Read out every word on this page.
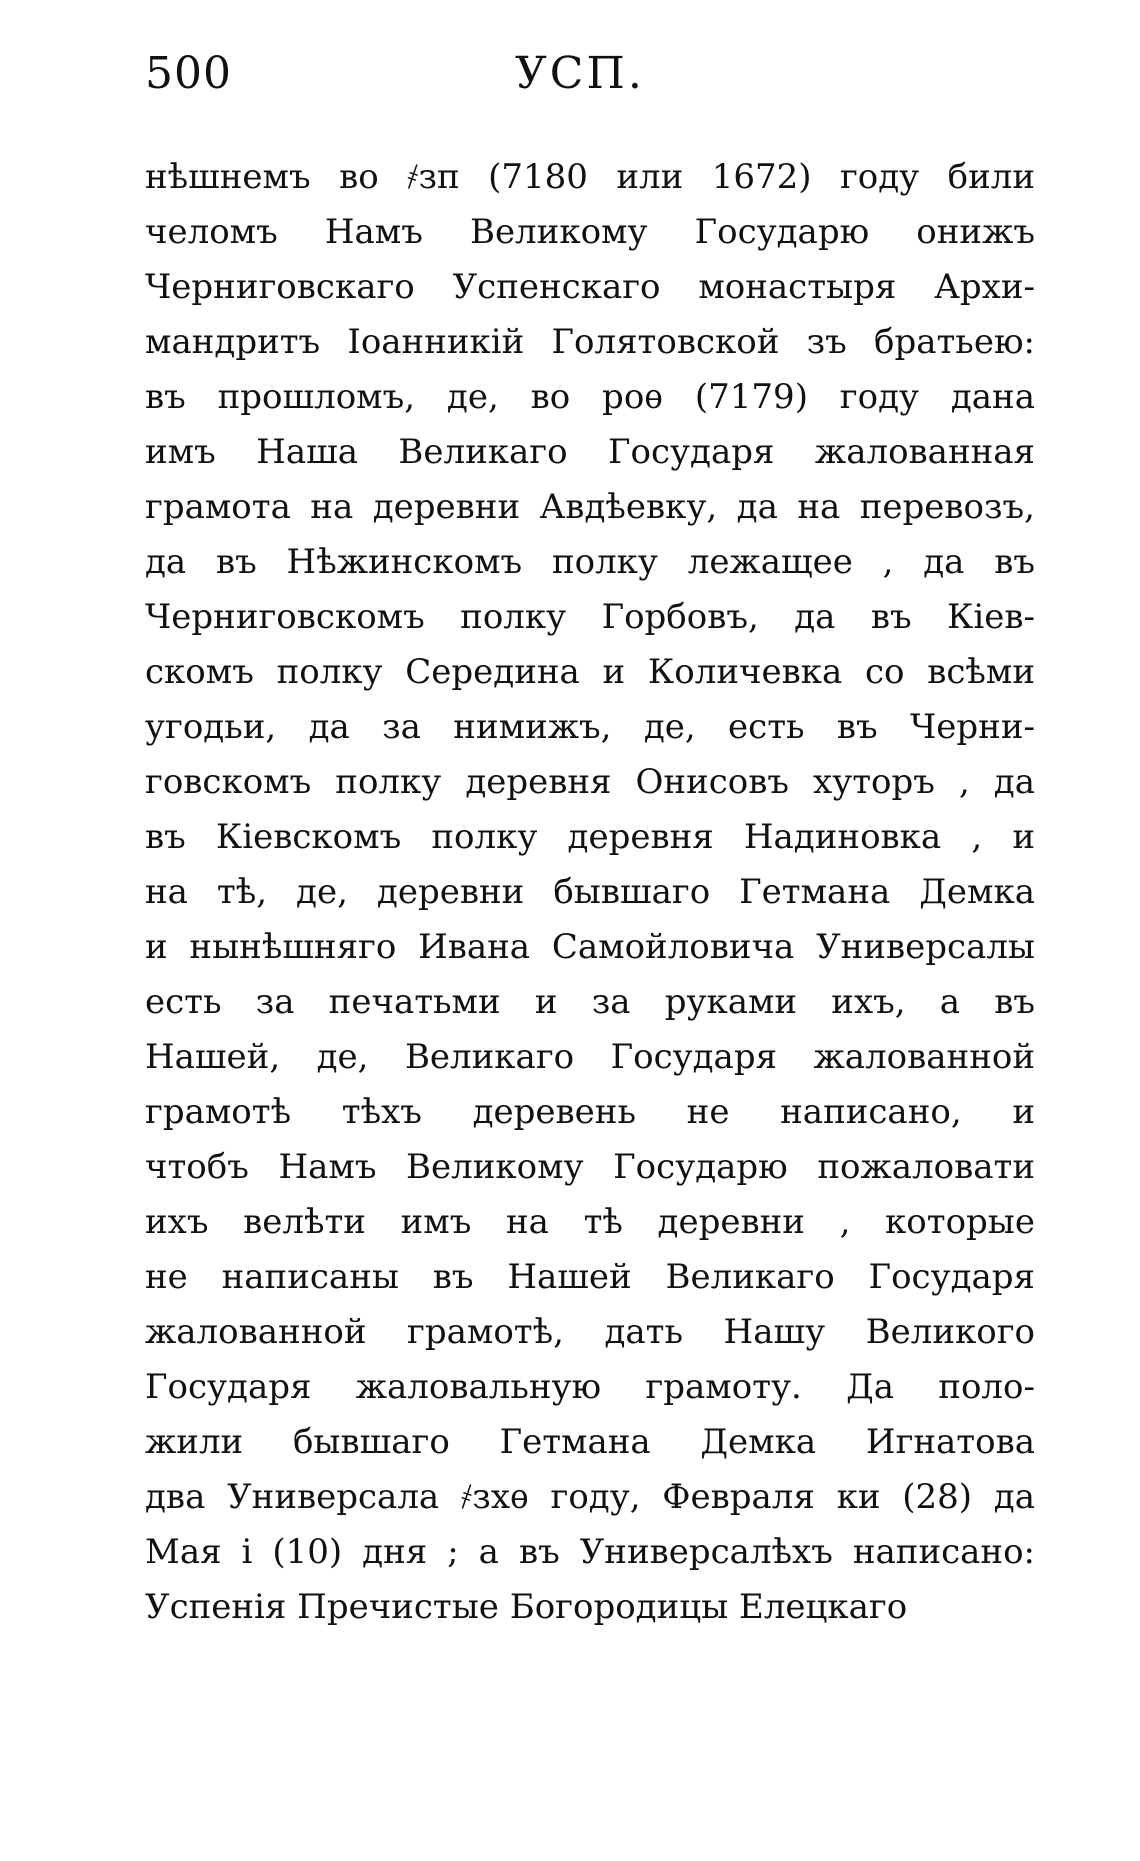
500	УСП.
нѣшнемъ во ҂зп (7180 или 1672) году били
челомъ Намъ Великому Государю онижъ
Черниговскаго Успенскаго монастыря Архи-
мандритъ Іоанникій Голятовской зъ братьею:
въ прошломъ, де, во роѳ (7179) году дана
имъ Наша Великаго Государя жалованная
грамота на деревни Авдѣевку, да на перевозъ,
да въ Нѣжинскомъ полку лежащее , да въ
Черниговскомъ полку Горбовъ, да въ Кіев-
скомъ полку Середина и Количевка со всѣми
угодьи, да за нимижъ, де, есть въ Черни-
говскомъ полку деревня Онисовъ хуторъ , да
въ Кіевскомъ полку деревня Надиновка , и
на тѣ, де, деревни бывшаго Гетмана Демка
и нынѣшняго Ивана Самойловича Универсалы
есть за печатьми и за руками ихъ, а въ
Нашей, де, Великаго Государя жалованной
грамотѣ тѣхъ деревень не написано, и
чтобъ Намъ Великому Государю пожаловати
ихъ велѣти имъ на тѣ деревни , которые
не написаны въ Нашей Великаго Государя
жалованной грамотѣ, дать Нашу Великого
Государя жаловальную грамоту. Да поло-
жили бывшаго Гетмана Демка Игнатова
два Универсала ҂зхѳ году, Февраля ки (28) да
Мая і (10) дня ; а въ Универсалѣхъ написано:
Успенія Пречистые Богородицы Елецкаго
